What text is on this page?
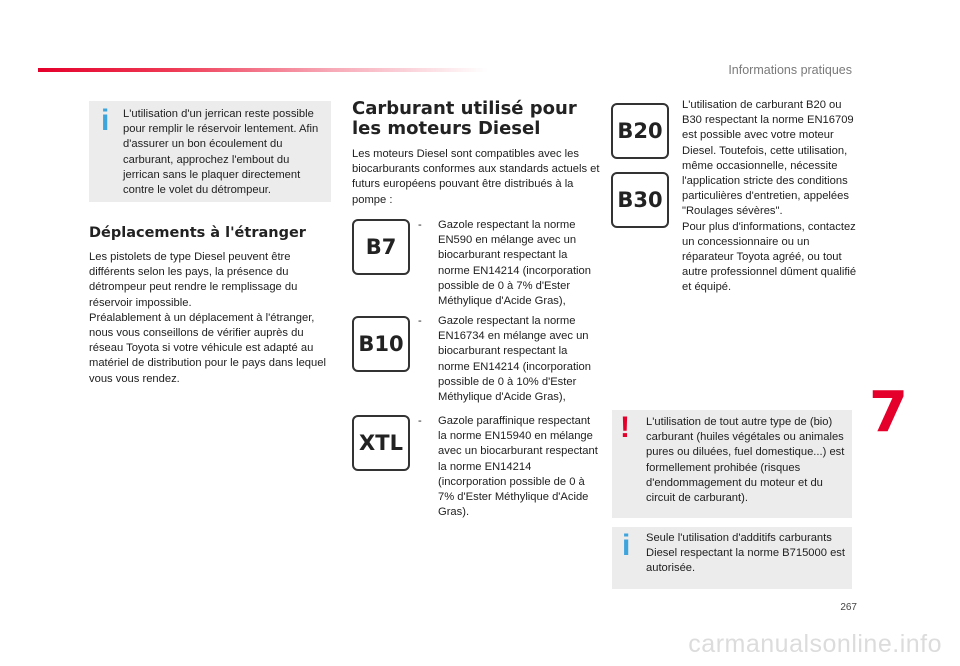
Informations pratiques
i L'utilisation d'un jerrican reste possible pour remplir le réservoir lentement. Afin d'assurer un bon écoulement du carburant, approchez l'embout du jerrican sans le plaquer directement contre le volet du détrompeur.
Déplacements à l'étranger
Les pistolets de type Diesel peuvent être différents selon les pays, la présence du détrompeur peut rendre le remplissage du réservoir impossible.
Préalablement à un déplacement à l'étranger, nous vous conseillons de vérifier auprès du réseau Toyota si votre véhicule est adapté au matériel de distribution pour le pays dans lequel vous vous rendez.
Carburant utilisé pour les moteurs Diesel
Les moteurs Diesel sont compatibles avec les biocarburants conformes aux standards actuels et futurs européens pouvant être distribués à la pompe :
B7
- Gazole respectant la norme EN590 en mélange avec un biocarburant respectant la norme EN14214 (incorporation possible de 0 à 7% d'Ester Méthylique d'Acide Gras),
B10
- Gazole respectant la norme EN16734 en mélange avec un biocarburant respectant la norme EN14214 (incorporation possible de 0 à 10% d'Ester Méthylique d'Acide Gras),
XTL
- Gazole paraffinique respectant la norme EN15940 en mélange avec un biocarburant respectant la norme EN14214 (incorporation possible de 0 à 7% d'Ester Méthylique d'Acide Gras).
B20
B30
L'utilisation de carburant B20 ou B30 respectant la norme EN16709 est possible avec votre moteur Diesel. Toutefois, cette utilisation, même occasionnelle, nécessite l'application stricte des conditions particulières d'entretien, appelées "Roulages sévères".
Pour plus d'informations, contactez un concessionnaire ou un réparateur Toyota agréé, ou tout autre professionnel dûment qualifié et équipé.
7
! L'utilisation de tout autre type de (bio) carburant (huiles végétales ou animales pures ou diluées, fuel domestique...) est formellement prohibée (risques d'endommagement du moteur et du circuit de carburant).
i Seule l'utilisation d'additifs carburants Diesel respectant la norme B715000 est autorisée.
267
carmanualsonline.info
